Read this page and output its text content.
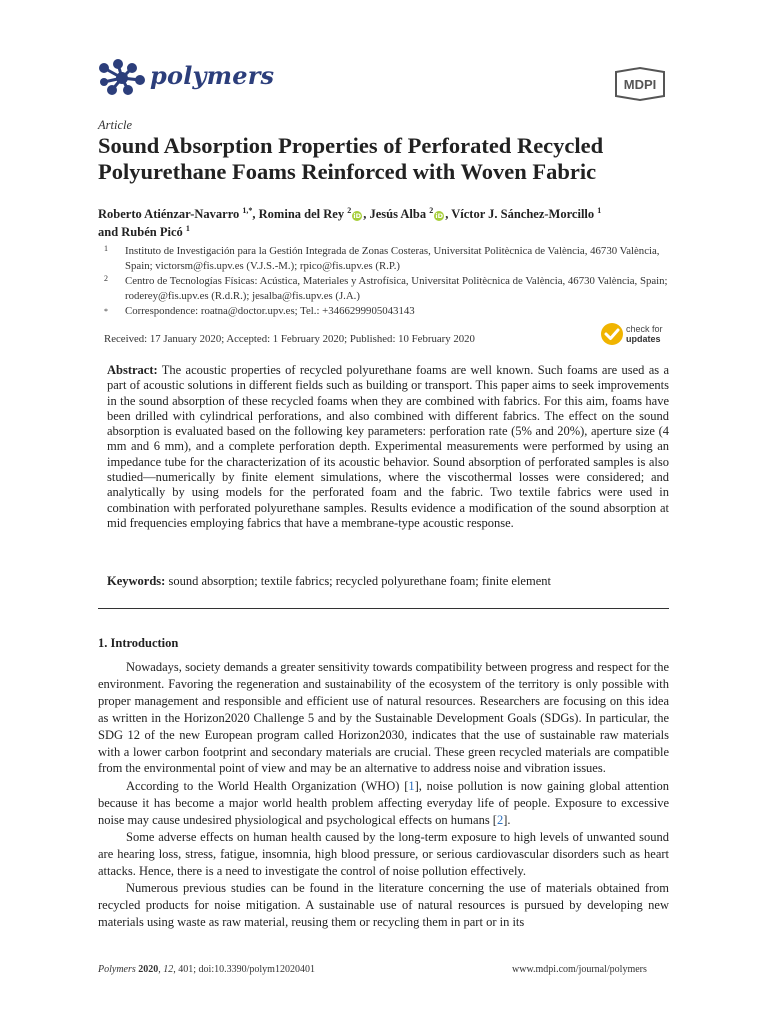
polymers	MDPI
Article
Sound Absorption Properties of Perforated Recycled Polyurethane Foams Reinforced with Woven Fabric
Roberto Atiénzar-Navarro $^{1,*}$, Romina del Rey $^2$iD , Jesús Alba $^2$iD , Víctor J. Sánchez-Morcillo $^1$
and Rubén Picó $^1$
1 Instituto de Investigación para la Gestión Integrada de Zonas Costeras, Universitat Politècnica de València, 46730 València, Spain; victorsm@fis.upv.es (V.J.S.-M.); rpico@fis.upv.es (R.P.)
2 Centro de Tecnologías Físicas: Acústica, Materiales y Astrofísica, Universitat Politècnica de València, 46730 València, Spain; roderey@fis.upv.es (R.d.R.); jesalba@fis.upv.es (J.A.)
* Correspondence: roatna@doctor.upv.es; Tel.: +3466299905043143
Received: 17 January 2020; Accepted: 1 February 2020; Published: 10 February 2020
check for
updates

Abstract: The acoustic properties of recycled polyurethane foams are well known. Such foams are used as a part of acoustic solutions in different fields such as building or transport. This paper aims to seek improvements in the sound absorption of these recycled foams when they are combined with fabrics. For this aim, foams have been drilled with cylindrical perforations, and also combined with different fabrics. The effect on the sound absorption is evaluated based on the following key parameters: perforation rate (5% and 20%), aperture size (4 mm and 6 mm), and a complete perforation depth. Experimental measurements were performed by using an impedance tube for the characterization of its acoustic behavior. Sound absorption of perforated samples is also studied—numerically by finite element simulations, where the viscothermal losses were considered; and analytically by using models for the perforated foam and the fabric. Two textile fabrics were used in combination with perforated polyurethane samples. Results evidence a modification of the sound absorption at mid frequencies employing fabrics that have a membrane-type acoustic response.

Keywords: sound absorption; textile fabrics; recycled polyurethane foam; finite element
1. Introduction

Nowadays, society demands a greater sensitivity towards compatibility between progress and respect for the environment. Favoring the regeneration and sustainability of the ecosystem of the territory is only possible with proper management and responsible and efficient use of natural resources. Researchers are focusing on this idea as written in the Horizon2020 Challenge 5 and by the Sustainable Development Goals (SDGs). In particular, the SDG 12 of the new European program called Horizon2030, indicates that the use of sustainable raw materials with a lower carbon footprint and secondary materials are crucial. These green recycled materials are compatible from the environmental point of view and may be an alternative to address noise and vibration issues.

According to the World Health Organization (WHO) [1], noise pollution is now gaining global attention because it has become a major world health problem affecting everyday life of people. Exposure to excessive noise may cause undesired physiological and psychological effects on humans [2].

Some adverse effects on human health caused by the long-term exposure to high levels of unwanted sound are hearing loss, stress, fatigue, insomnia, high blood pressure, or serious cardiovascular disorders such as heart attacks. Hence, there is a need to investigate the control of noise pollution effectively.

Numerous previous studies can be found in the literature concerning the use of materials obtained from recycled products for noise mitigation. A sustainable use of natural resources is pursued by developing new materials using waste as raw material, reusing them or recycling them in part or in its

Polymers 2020, 12, 401; doi:10.3390/polym12020401	www.mdpi.com/journal/polymers
